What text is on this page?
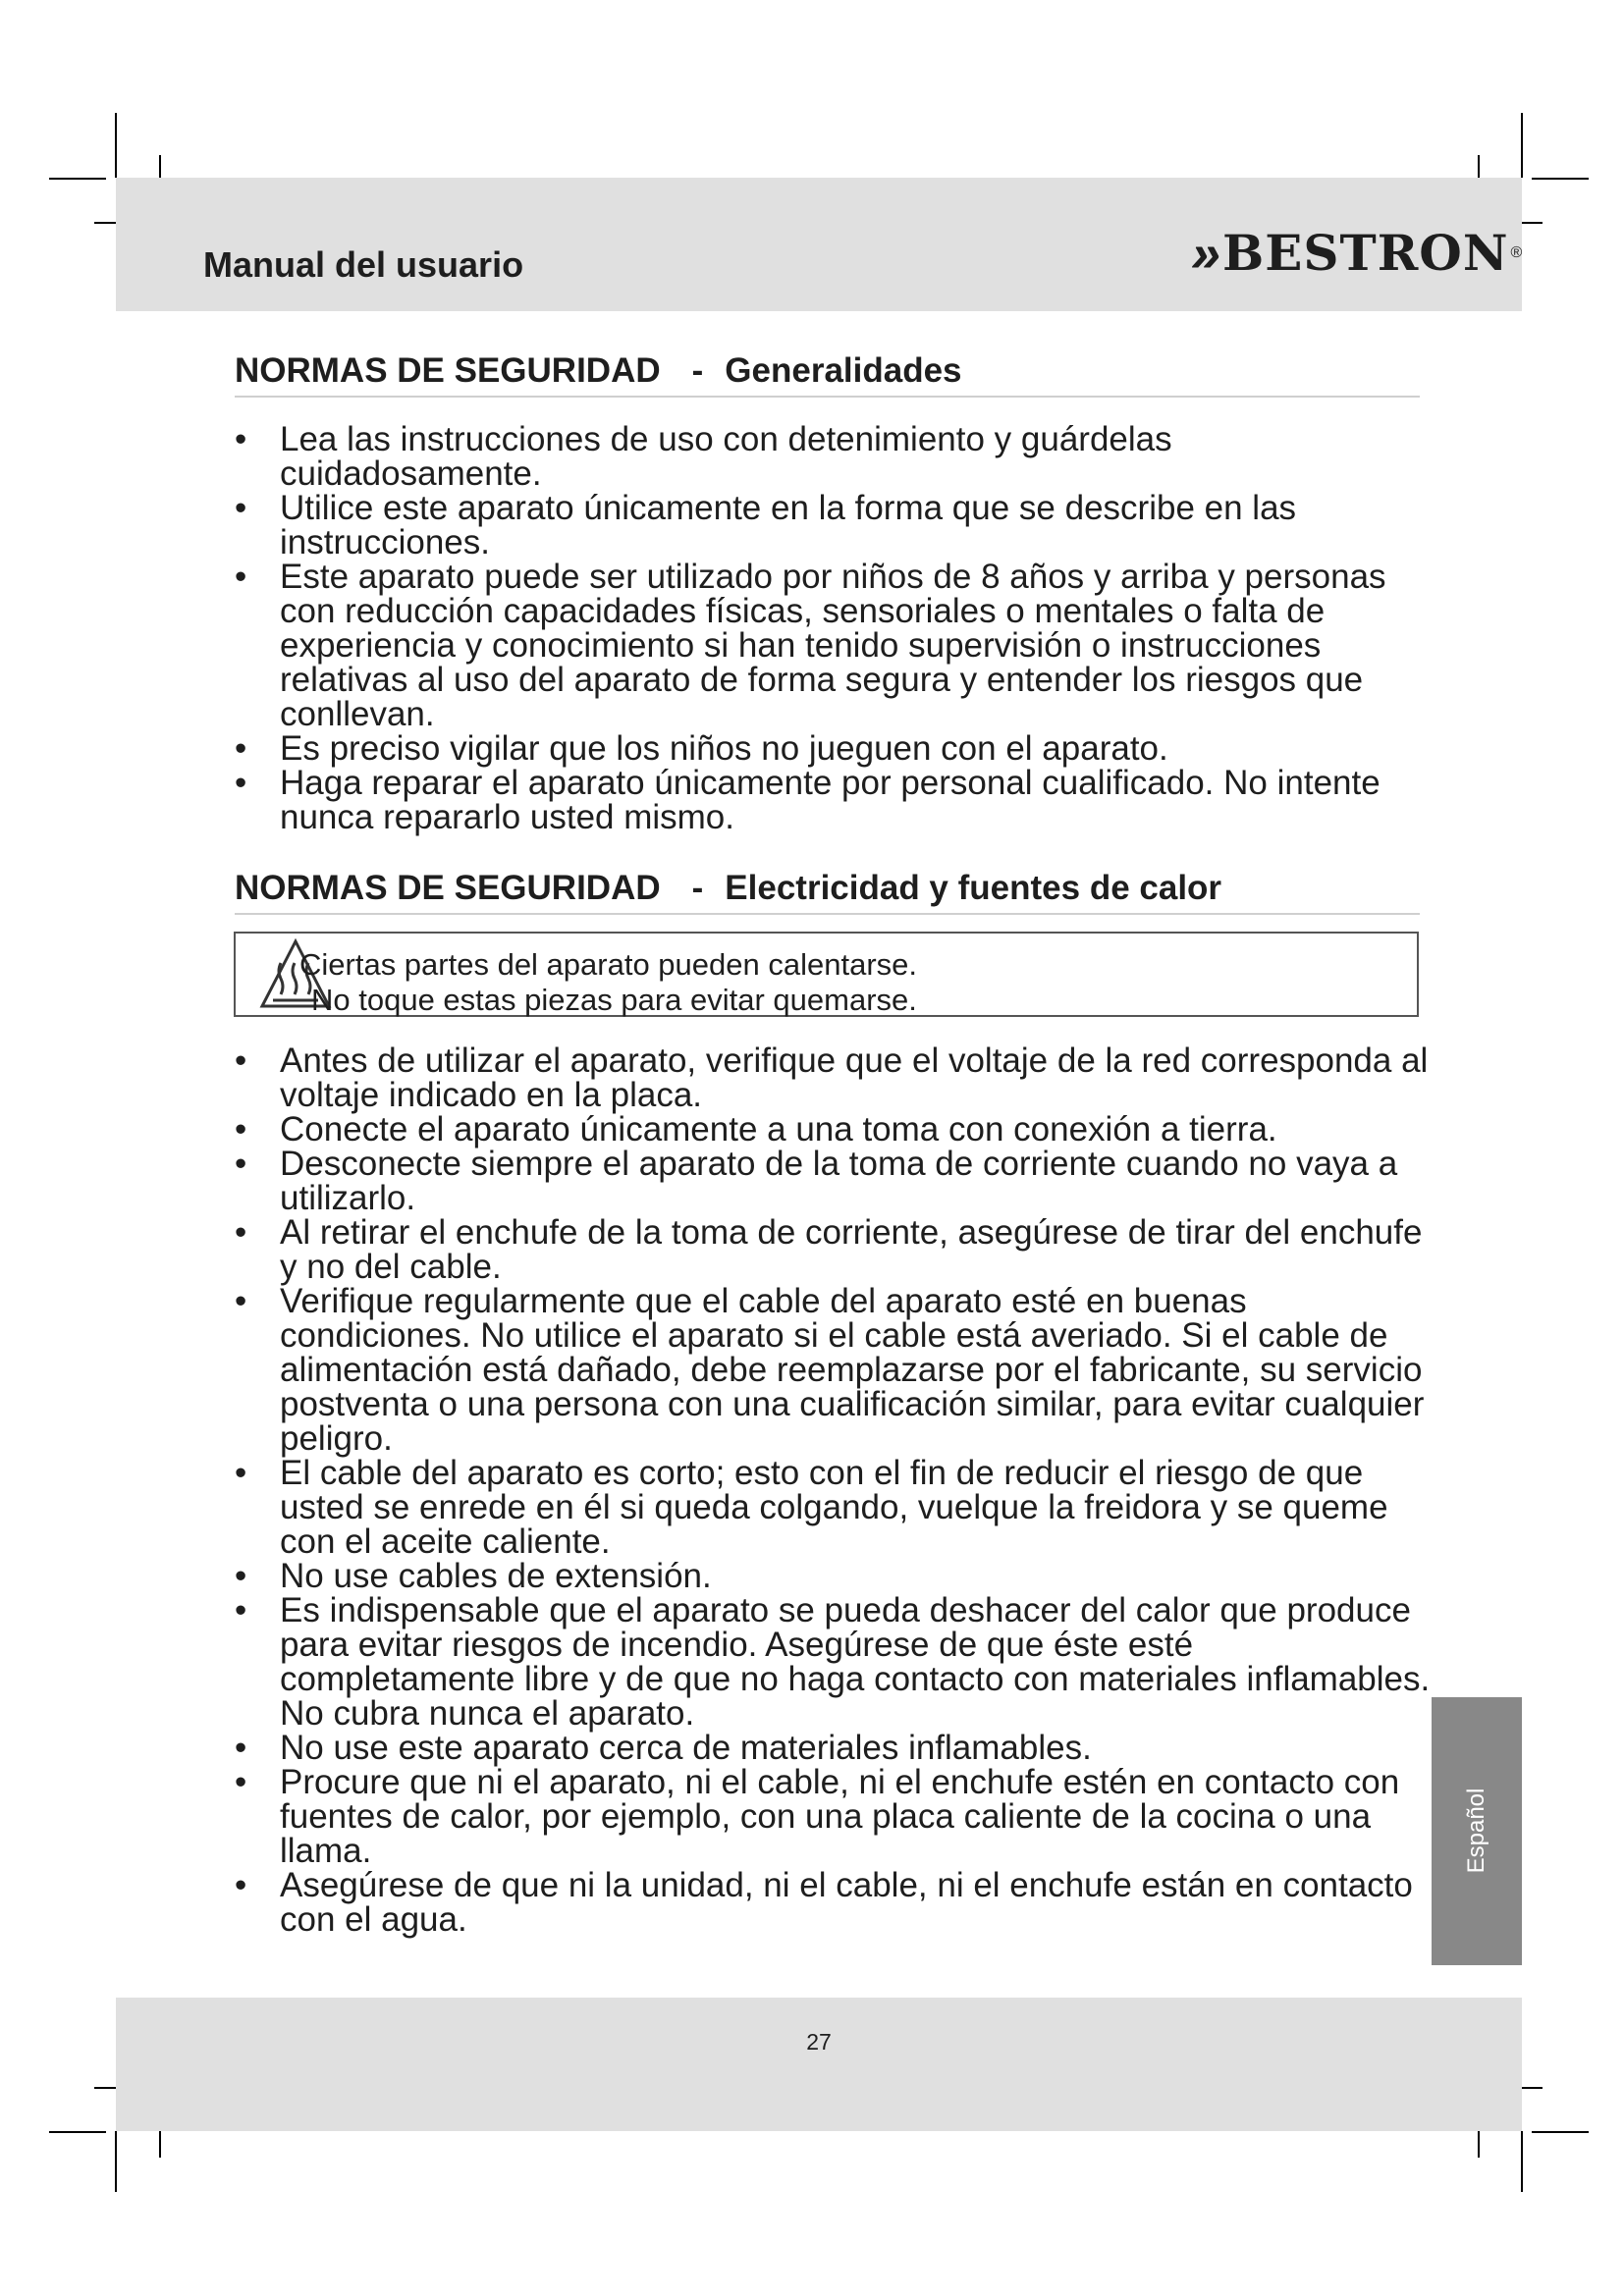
Manual del usuario	» BESTRON ®
NORMAS DE SEGURIDAD - Generalidades
• Lea las instrucciones de uso con detenimiento y guárdelas cuidadosamente.
• Utilice este aparato únicamente en la forma que se describe en las instrucciones.
• Este aparato puede ser utilizado por niños de 8 años y arriba y personas con reducción capacidades físicas, sensoriales o mentales o falta de experiencia y conocimiento si han tenido supervisión o instrucciones relativas al uso del aparato de forma segura y entender los riesgos que conllevan.
• Es preciso vigilar que los niños no jueguen con el aparato.
• Haga reparar el aparato únicamente por personal cualificado. No intente nunca repararlo usted mismo.
NORMAS DE SEGURIDAD - Electricidad y fuentes de calor
Ciertas partes del aparato pueden calentarse.
No toque estas piezas para evitar quemarse.
• Antes de utilizar el aparato, verifique que el voltaje de la red corresponda al voltaje indicado en la placa.
• Conecte el aparato únicamente a una toma con conexión a tierra.
• Desconecte siempre el aparato de la toma de corriente cuando no vaya a utilizarlo.
• Al retirar el enchufe de la toma de corriente, asegúrese de tirar del enchufe y no del cable.
• Verifique regularmente que el cable del aparato esté en buenas condiciones. No utilice el aparato si el cable está averiado. Si el cable de alimentación está dañado, debe reemplazarse por el fabricante, su servicio postventa o una persona con una cualificación similar, para evitar cualquier peligro.
• El cable del aparato es corto; esto con el fin de reducir el riesgo de que usted se enrede en él si queda colgando, vuelque la freidora y se queme con el aceite caliente.
• No use cables de extensión.
• Es indispensable que el aparato se pueda deshacer del calor que produce para evitar riesgos de incendio. Asegúrese de que éste esté completamente libre y de que no haga contacto con materiales inflamables. No cubra nunca el aparato.
• No use este aparato cerca de materiales inflamables.
• Procure que ni el aparato, ni el cable, ni el enchufe estén en contacto con fuentes de calor, por ejemplo, con una placa caliente de la cocina o una llama.
• Asegúrese de que ni la unidad, ni el cable, ni el enchufe están en contacto con el agua.
Español
27
